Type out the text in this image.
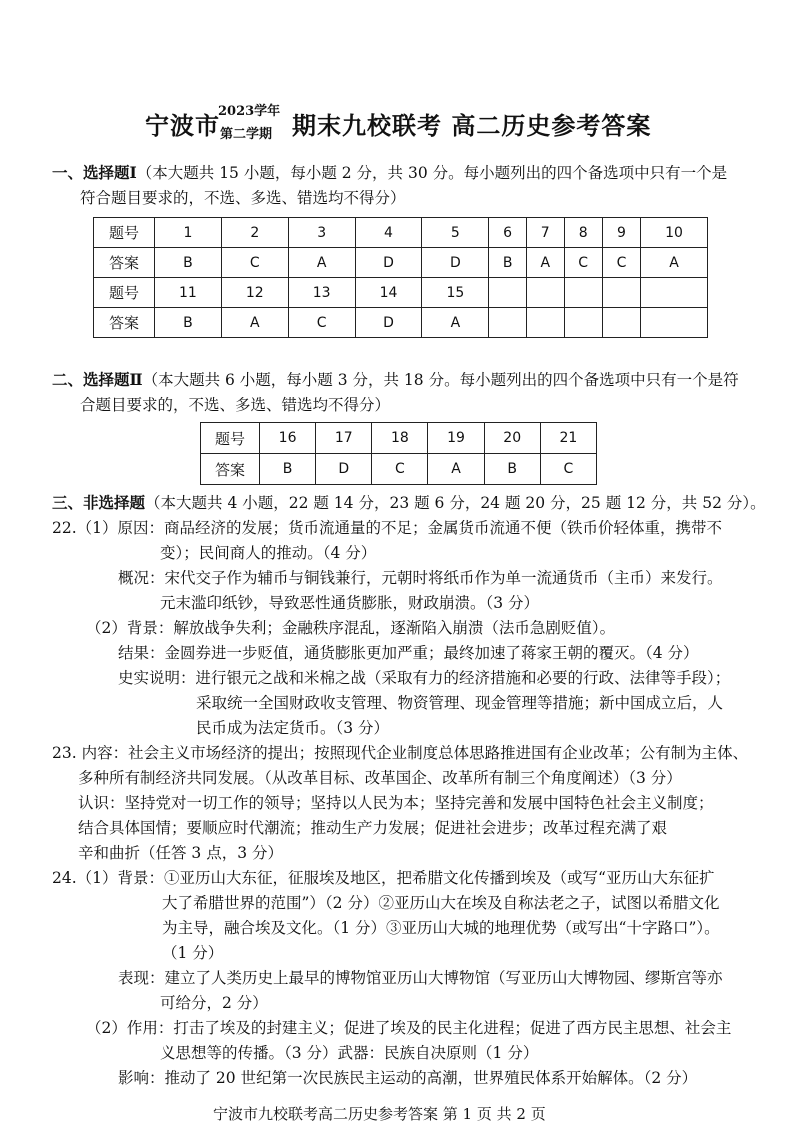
宁波市
2023学年
第二学期 期末九校联考 高二历史参考答案
一、选择题Ⅰ（本大题共 15 小题，每小题 2 分，共 30 分。每小题列出的四个备选项中只有一个是
符合题目要求的，不选、多选、错选均不得分）
题号	1	2	3	4	5	6	7	8	9	10
答案	B	C	A	D	D	B	A	C	C	A
题号	11	12	13	14	15					
答案	B	A	C	D	A					
二、选择题Ⅱ（本大题共 6 小题，每小题 3 分，共 18 分。每小题列出的四个备选项中只有一个是符
合题目要求的，不选、多选、错选均不得分）
题号	16	17	18	19	20	21
答案	B	D	C	A	B	C
三、非选择题（本大题共 4 小题，22 题 14 分，23 题 6 分，24 题 20 分，25 题 12 分，共 52 分）。
22.（1）原因：商品经济的发展；货币流通量的不足；金属货币流通不便（铁币价轻体重，携带不
变）；民间商人的推动。（4 分）
概况：宋代交子作为辅币与铜钱兼行，元朝时将纸币作为单一流通货币（主币）来发行。
元末滥印纸钞，导致恶性通货膨胀，财政崩溃。（3 分）
（2）背景：解放战争失利；金融秩序混乱，逐渐陷入崩溃（法币急剧贬值）。
结果：金圆券进一步贬值，通货膨胀更加严重；最终加速了蒋家王朝的覆灭。（4 分）
史实说明：进行银元之战和米棉之战（采取有力的经济措施和必要的行政、法律等手段）；
采取统一全国财政收支管理、物资管理、现金管理等措施；新中国成立后，人
民币成为法定货币。（3 分）
23. 内容：社会主义市场经济的提出；按照现代企业制度总体思路推进国有企业改革；公有制为主体、
多种所有制经济共同发展。（从改革目标、改革国企、改革所有制三个角度阐述）（3 分）
认识：坚持党对一切工作的领导；坚持以人民为本；坚持完善和发展中国特色社会主义制度；
结合具体国情；要顺应时代潮流；推动生产力发展；促进社会进步；改革过程充满了艰
辛和曲折（任答 3 点，3 分）
24.（1）背景：①亚历山大东征，征服埃及地区，把希腊文化传播到埃及（或写“亚历山大东征扩
大了希腊世界的范围”）（2 分）②亚历山大在埃及自称法老之子，试图以希腊文化
为主导，融合埃及文化。（1 分）③亚历山大城的地理优势（或写出“十字路口”）。
（1 分）
表现：建立了人类历史上最早的博物馆亚历山大博物馆（写亚历山大博物园、缪斯宫等亦
可给分，2 分）
（2）作用：打击了埃及的封建主义；促进了埃及的民主化进程；促进了西方民主思想、社会主
义思想等的传播。（3 分）武器：民族自决原则（1 分）
影响：推动了 20 世纪第一次民族民主运动的高潮，世界殖民体系开始解体。（2 分）
宁波市九校联考高二历史参考答案 第 1 页 共 2 页
